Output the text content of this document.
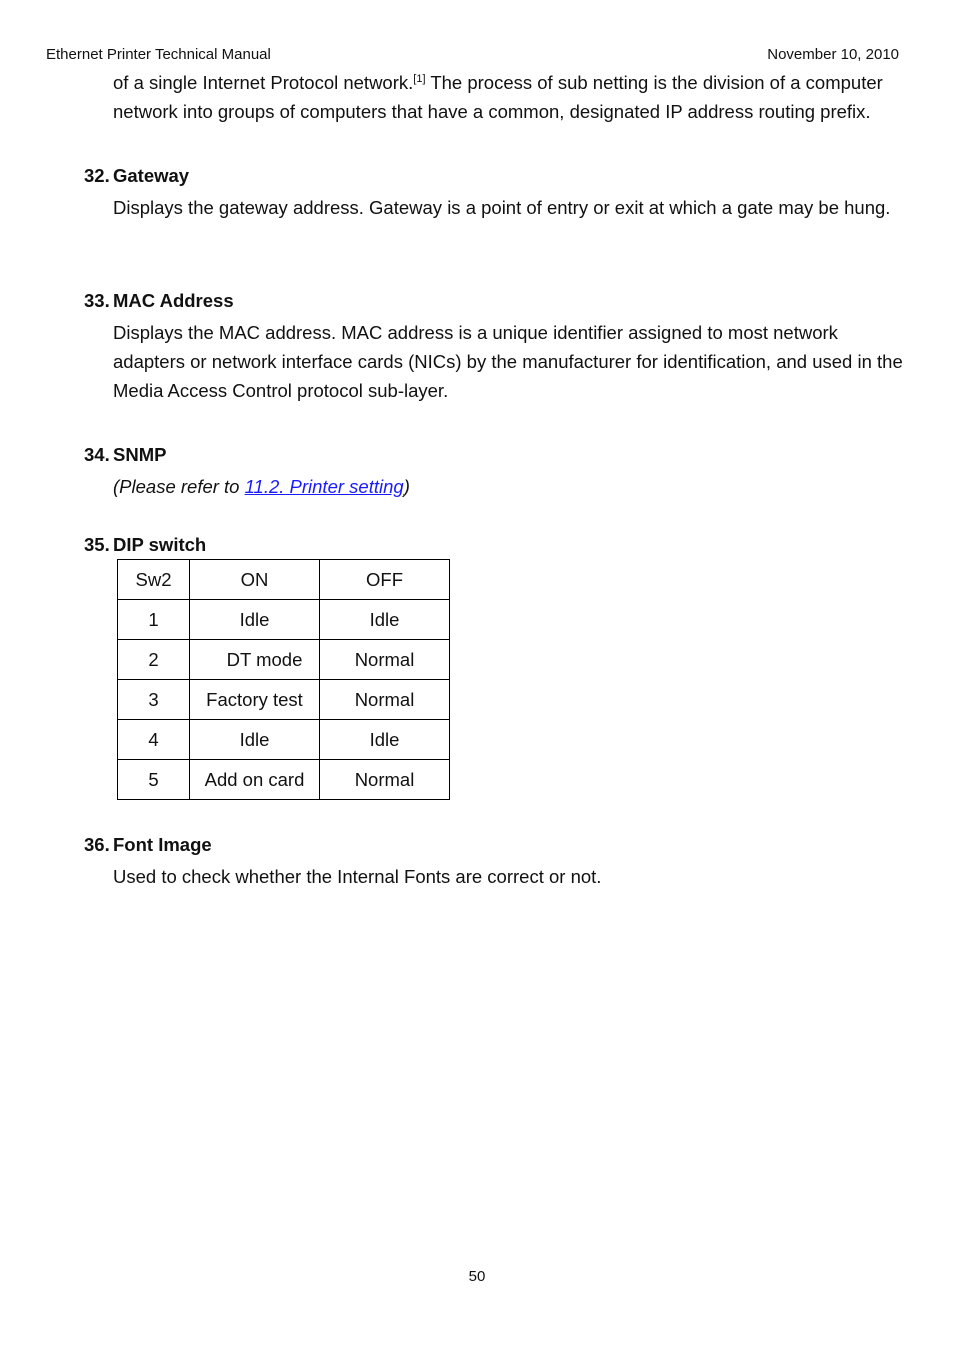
Ethernet Printer Technical Manual	November 10, 2010

of a single Internet Protocol network.[1] The process of sub netting is the division of a computer network into groups of computers that have a common, designated IP address routing prefix.

32. Gateway

Displays the gateway address. Gateway is a point of entry or exit at which a gate may be hung.

33. MAC Address

Displays the MAC address. MAC address is a unique identifier assigned to most network adapters or network interface cards (NICs) by the manufacturer for identification, and used in the Media Access Control protocol sub-layer.

34. SNMP

(Please refer to 11.2. Printer setting)

35. DIP switch
Sw2	ON	OFF
1	Idle	Idle
2	DT mode	Normal
3	Factory test	Normal
4	Idle	Idle
5	Add on card	Normal
36. Font Image

Used to check whether the Internal Fonts are correct or not.

50
